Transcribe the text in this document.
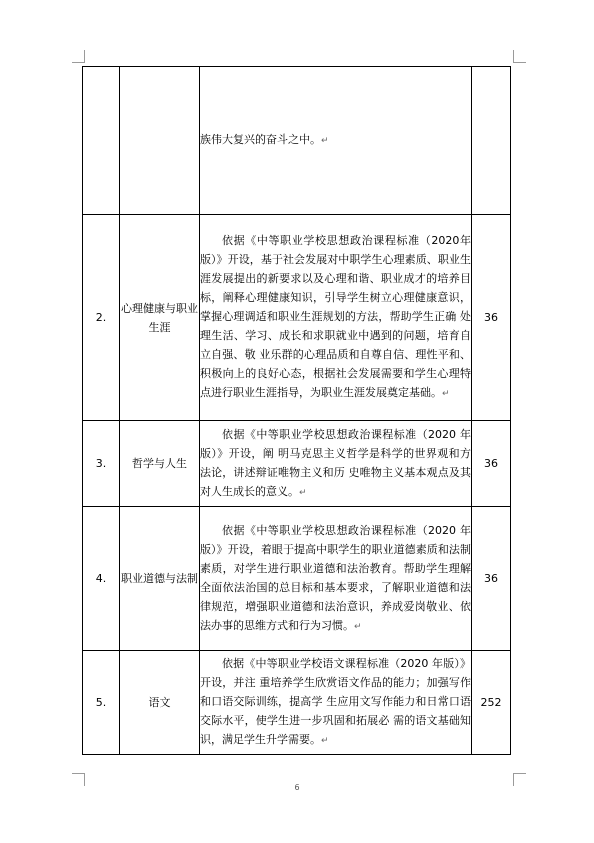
		族伟大复兴的奋斗之中。↵	
2.	心理健康与职业生涯	依据《中等职业学校思想政治课程标准（2020年版）》开设，基于社会发展对中职学生心理素质、职业生涯发展提出的新要求以及心理和谐、职业成才的培养目标，阐释心理健康知识，引导学生树立心理健康意识，掌握心理调适和职业生涯规划的方法，帮助学生正确 处理生活、学习、成长和求职就业中遇到的问题，培育自立自强、敬 业乐群的心理品质和自尊自信、理性平和、积极向上的良好心态，根据社会发展需要和学生心理特点进行职业生涯指导，为职业生涯发展奠定基础。↵	36
3.	哲学与人生	依据《中等职业学校思想政治课程标准（2020 年版）》开设，阐 明马克思主义哲学是科学的世界观和方法论，讲述辩证唯物主义和历 史唯物主义基本观点及其对人生成长的意义。↵	36
4.	职业道德与法制	依据《中等职业学校思想政治课程标准（2020 年版）》开设，着眼于提高中职学生的职业道德素质和法制素质，对学生进行职业道德和法治教育。帮助学生理解全面依法治国的总目标和基本要求，了解职业道德和法律规范，增强职业道德和法治意识，养成爱岗敬业、依法办事的思维方式和行为习惯。↵	36
5.	语文	依据《中等职业学校语文课程标准（2020 年版）》开设，并注 重培养学生欣赏语文作品的能力；加强写作和口语交际训练，提高学 生应用文写作能力和日常口语交际水平，使学生进一步巩固和拓展必 需的语文基础知识，满足学生升学需要。↵	252
6
